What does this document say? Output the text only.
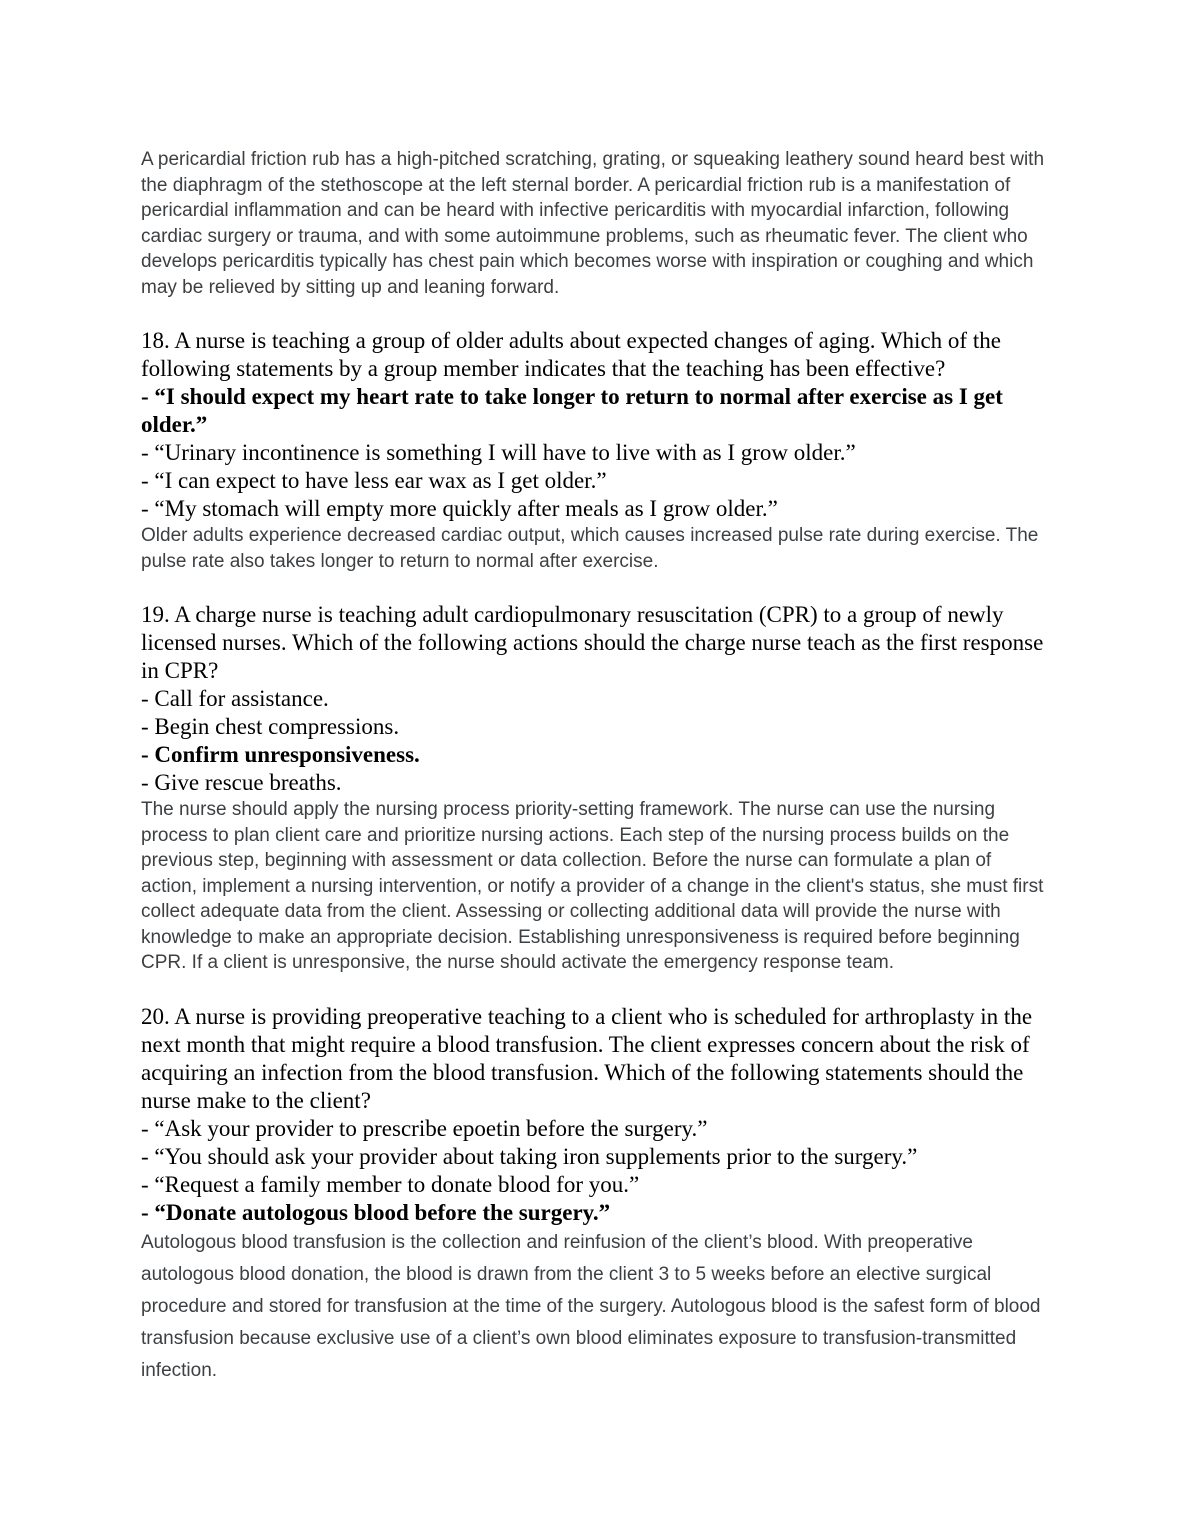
A pericardial friction rub has a high-pitched scratching, grating, or squeaking leathery sound heard best with the diaphragm of the stethoscope at the left sternal border. A pericardial friction rub is a manifestation of pericardial inflammation and can be heard with infective pericarditis with myocardial infarction, following cardiac surgery or trauma, and with some autoimmune problems, such as rheumatic fever. The client who develops pericarditis typically has chest pain which becomes worse with inspiration or coughing and which may be relieved by sitting up and leaning forward.

18. A nurse is teaching a group of older adults about expected changes of aging. Which of the following statements by a group member indicates that the teaching has been effective?

- “I should expect my heart rate to take longer to return to normal after exercise as I get older.”

- “Urinary incontinence is something I will have to live with as I grow older.”

- “I can expect to have less ear wax as I get older.”

- “My stomach will empty more quickly after meals as I grow older.”

Older adults experience decreased cardiac output, which causes increased pulse rate during exercise. The pulse rate also takes longer to return to normal after exercise.

19. A charge nurse is teaching adult cardiopulmonary resuscitation (CPR) to a group of newly licensed nurses. Which of the following actions should the charge nurse teach as the first response in CPR?

- Call for assistance.

- Begin chest compressions.

- Confirm unresponsiveness.

- Give rescue breaths.

The nurse should apply the nursing process priority-setting framework. The nurse can use the nursing process to plan client care and prioritize nursing actions. Each step of the nursing process builds on the previous step, beginning with assessment or data collection. Before the nurse can formulate a plan of action, implement a nursing intervention, or notify a provider of a change in the client's status, she must first collect adequate data from the client. Assessing or collecting additional data will provide the nurse with knowledge to make an appropriate decision. Establishing unresponsiveness is required before beginning CPR. If a client is unresponsive, the nurse should activate the emergency response team.

20. A nurse is providing preoperative teaching to a client who is scheduled for arthroplasty in the next month that might require a blood transfusion. The client expresses concern about the risk of acquiring an infection from the blood transfusion. Which of the following statements should the nurse make to the client?

- “Ask your provider to prescribe epoetin before the surgery.”

- “You should ask your provider about taking iron supplements prior to the surgery.”

- “Request a family member to donate blood for you.”

- “Donate autologous blood before the surgery.”

Autologous blood transfusion is the collection and reinfusion of the client’s blood. With preoperative autologous blood donation, the blood is drawn from the client 3 to 5 weeks before an elective surgical procedure and stored for transfusion at the time of the surgery. Autologous blood is the safest form of blood transfusion because exclusive use of a client’s own blood eliminates exposure to transfusion-transmitted infection.
